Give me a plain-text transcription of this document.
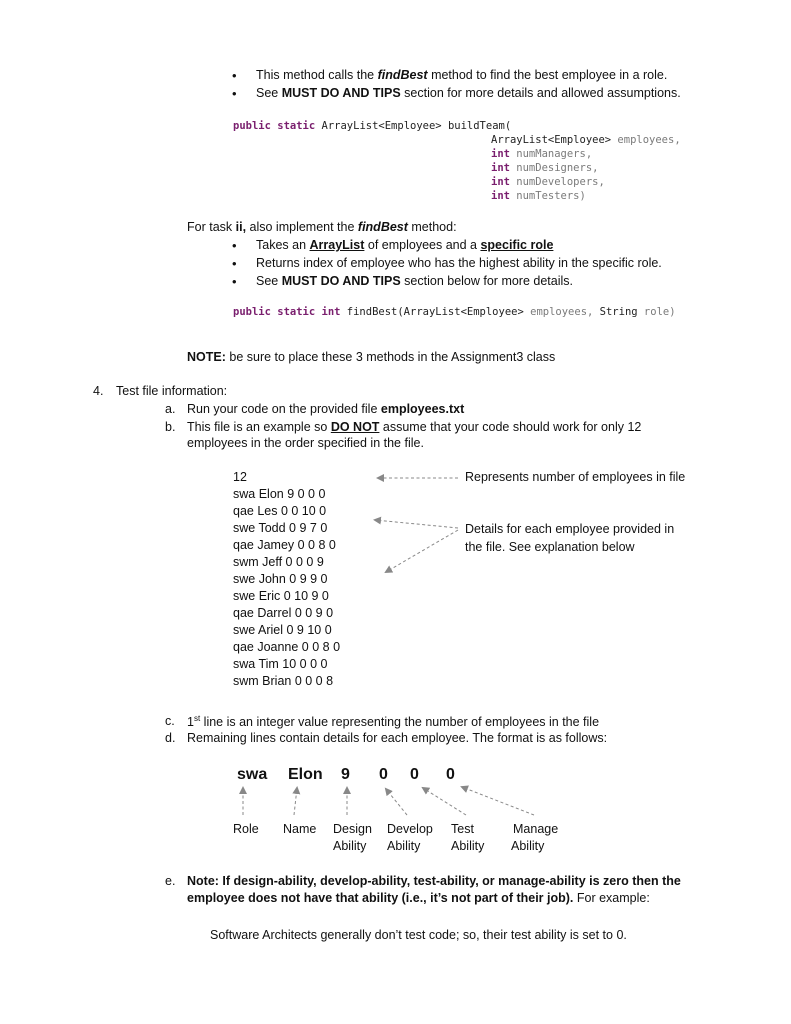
• This method calls the findBest method to find the best employee in a role.
• See MUST DO AND TIPS section for more details and allowed assumptions.
public static ArrayList<Employee> buildTeam(
ArrayList<Employee> employees,
int numManagers,
int numDesigners,
int numDevelopers,
int numTesters)
For task ii, also implement the findBest method:
• Takes an ArrayList of employees and a specific role
• Returns index of employee who has the highest ability in the specific role.
• See MUST DO AND TIPS section below for more details.
public static int findBest(ArrayList<Employee> employees, String role)
NOTE: be sure to place these 3 methods in the Assignment3 class
4. Test file information:
a. Run your code on the provided file employees.txt
b. This file is an example so DO NOT assume that your code should work for only 12
employees in the order specified in the file.
12
swa Elon 9 0 0 0
qae Les 0 0 10 0
swe Todd 0 9 7 0
qae Jamey 0 0 8 0
swm Jeff 0 0 0 9
swe John 0 9 9 0
swe Eric 0 10 9 0
qae Darrel 0 0 9 0
swe Ariel 0 9 10 0
qae Joanne 0 0 8 0
swa Tim 10 0 0 0
swm Brian 0 0 0 8
Represents number of employees in file
Details for each employee provided in
the file. See explanation below
c. 1st line is an integer value representing the number of employees in the file
d. Remaining lines contain details for each employee. The format is as follows:
swa Elon 9 0 0 0
Role Name Design
Ability
Develop
Ability
Test
Ability
Manage
Ability
e. Note: If design-ability, develop-ability, test-ability, or manage-ability is zero then the
employee does not have that ability (i.e., it’s not part of their job). For example:
Software Architects generally don’t test code; so, their test ability is set to 0.
